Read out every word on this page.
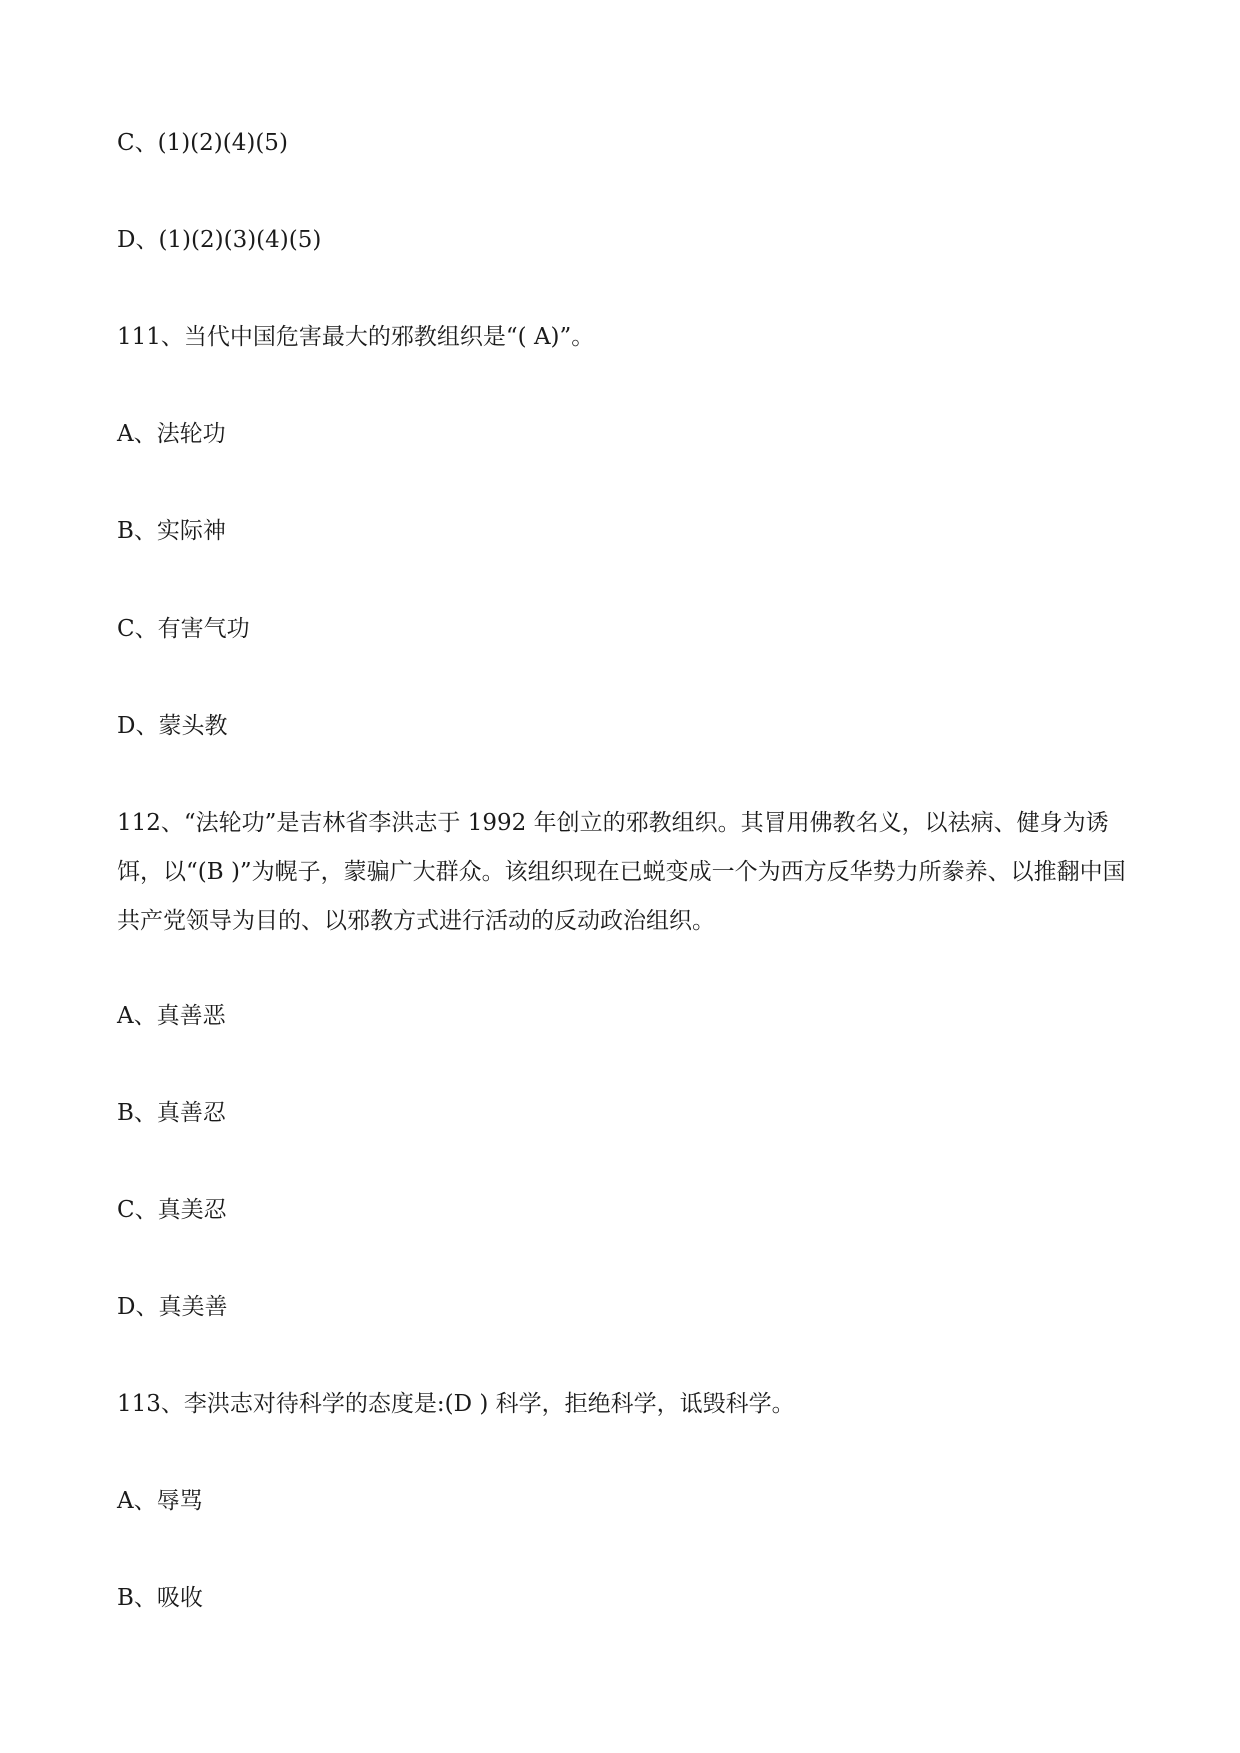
C、(1)(2)(4)(5)
D、(1)(2)(3)(4)(5)
111、当代中国危害最大的邪教组织是“( A)”。
A、法轮功
B、实际神
C、有害气功
D、蒙头教
112、“法轮功”是吉林省李洪志于 1992 年创立的邪教组织。其冒用佛教名义，以祛病、健身为诱饵，以“(B )”为幌子，蒙骗广大群众。该组织现在已蜕变成一个为西方反华势力所豢养、以推翻中国共产党领导为目的、以邪教方式进行活动的反动政治组织。
A、真善恶
B、真善忍
C、真美忍
D、真美善
113、李洪志对待科学的态度是:(D ) 科学，拒绝科学，诋毁科学。
A、辱骂
B、吸收
